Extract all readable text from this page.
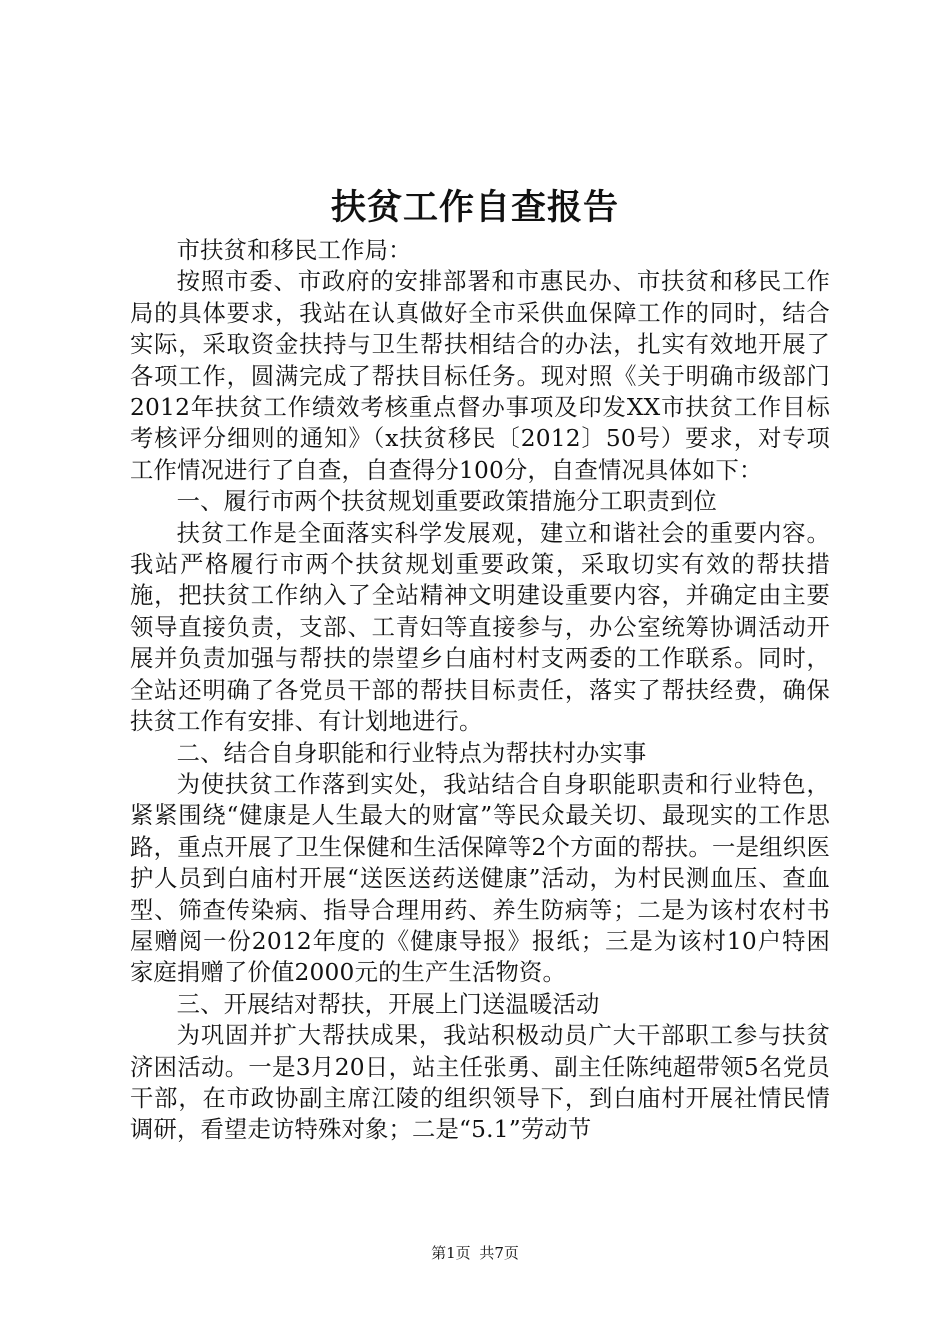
扶贫工作自查报告

市扶贫和移民工作局：

按照市委、市政府的安排部署和市惠民办、市扶贫和移民工作局的具体要求，我站在认真做好全市采供血保障工作的同时，结合实际，采取资金扶持与卫生帮扶相结合的办法，扎实有效地开展了各项工作，圆满完成了帮扶目标任务。现对照《关于明确市级部门2012年扶贫工作绩效考核重点督办事项及印发XX市扶贫工作目标考核评分细则的通知》（x扶贫移民〔2012〕50号）要求，对专项工作情况进行了自查，自查得分100分，自查情况具体如下：

一、履行市两个扶贫规划重要政策措施分工职责到位

扶贫工作是全面落实科学发展观，建立和谐社会的重要内容。我站严格履行市两个扶贫规划重要政策，采取切实有效的帮扶措施，把扶贫工作纳入了全站精神文明建设重要内容，并确定由主要领导直接负责，支部、工青妇等直接参与，办公室统筹协调活动开展并负责加强与帮扶的崇望乡白庙村村支两委的工作联系。同时，全站还明确了各党员干部的帮扶目标责任，落实了帮扶经费，确保扶贫工作有安排、有计划地进行。

二、结合自身职能和行业特点为帮扶村办实事

为使扶贫工作落到实处，我站结合自身职能职责和行业特色，紧紧围绕“健康是人生最大的财富”等民众最关切、最现实的工作思路，重点开展了卫生保健和生活保障等2个方面的帮扶。一是组织医护人员到白庙村开展“送医送药送健康”活动，为村民测血压、查血型、筛查传染病、指导合理用药、养生防病等；二是为该村农村书屋赠阅一份2012年度的《健康导报》报纸；三是为该村10户特困家庭捐赠了价值2000元的生产生活物资。

三、开展结对帮扶，开展上门送温暖活动

为巩固并扩大帮扶成果，我站积极动员广大干部职工参与扶贫济困活动。一是3月20日，站主任张勇、副主任陈纯超带领5名党员干部，在市政协副主席江陵的组织领导下，到白庙村开展社情民情调研，看望走访特殊对象；二是“5.1”劳动节

第1页 共7页
